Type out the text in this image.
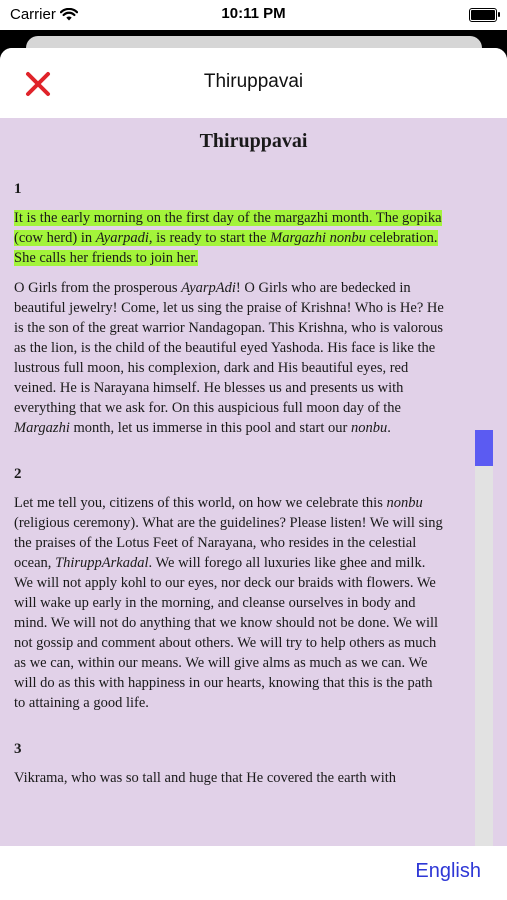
Carrier	10:11 PM
Thiruppavai
Thiruppavai
1

It is the early morning on the first day of the margazhi month. The gopika (cow herd) in Ayarpadi, is ready to start the Margazhi nonbu celebration. She calls her friends to join her.

O Girls from the prosperous AyarpAdi! O Girls who are bedecked in beautiful jewelry! Come, let us sing the praise of Krishna! Who is He? He is the son of the great warrior Nandagopan. This Krishna, who is valorous as the lion, is the child of the beautiful eyed Yashoda. His face is like the lustrous full moon, his complexion, dark and His beautiful eyes, red veined. He is Narayana himself. He blesses us and presents us with everything that we ask for. On this auspicious full moon day of the Margazhi month, let us immerse in this pool and start our nonbu.

2

Let me tell you, citizens of this world, on how we celebrate this nonbu (religious ceremony). What are the guidelines? Please listen! We will sing the praises of the Lotus Feet of Narayana, who resides in the celestial ocean, ThiruppArkadal. We will forego all luxuries like ghee and milk. We will not apply kohl to our eyes, nor deck our braids with flowers. We will wake up early in the morning, and cleanse ourselves in body and mind. We will not do anything that we know should not be done. We will not gossip and comment about others. We will try to help others as much as we can, within our means. We will give alms as much as we can. We will do as this with happiness in our hearts, knowing that this is the path to attaining a good life.

3

Vikrama, who was so tall and huge that He covered the earth with

English
